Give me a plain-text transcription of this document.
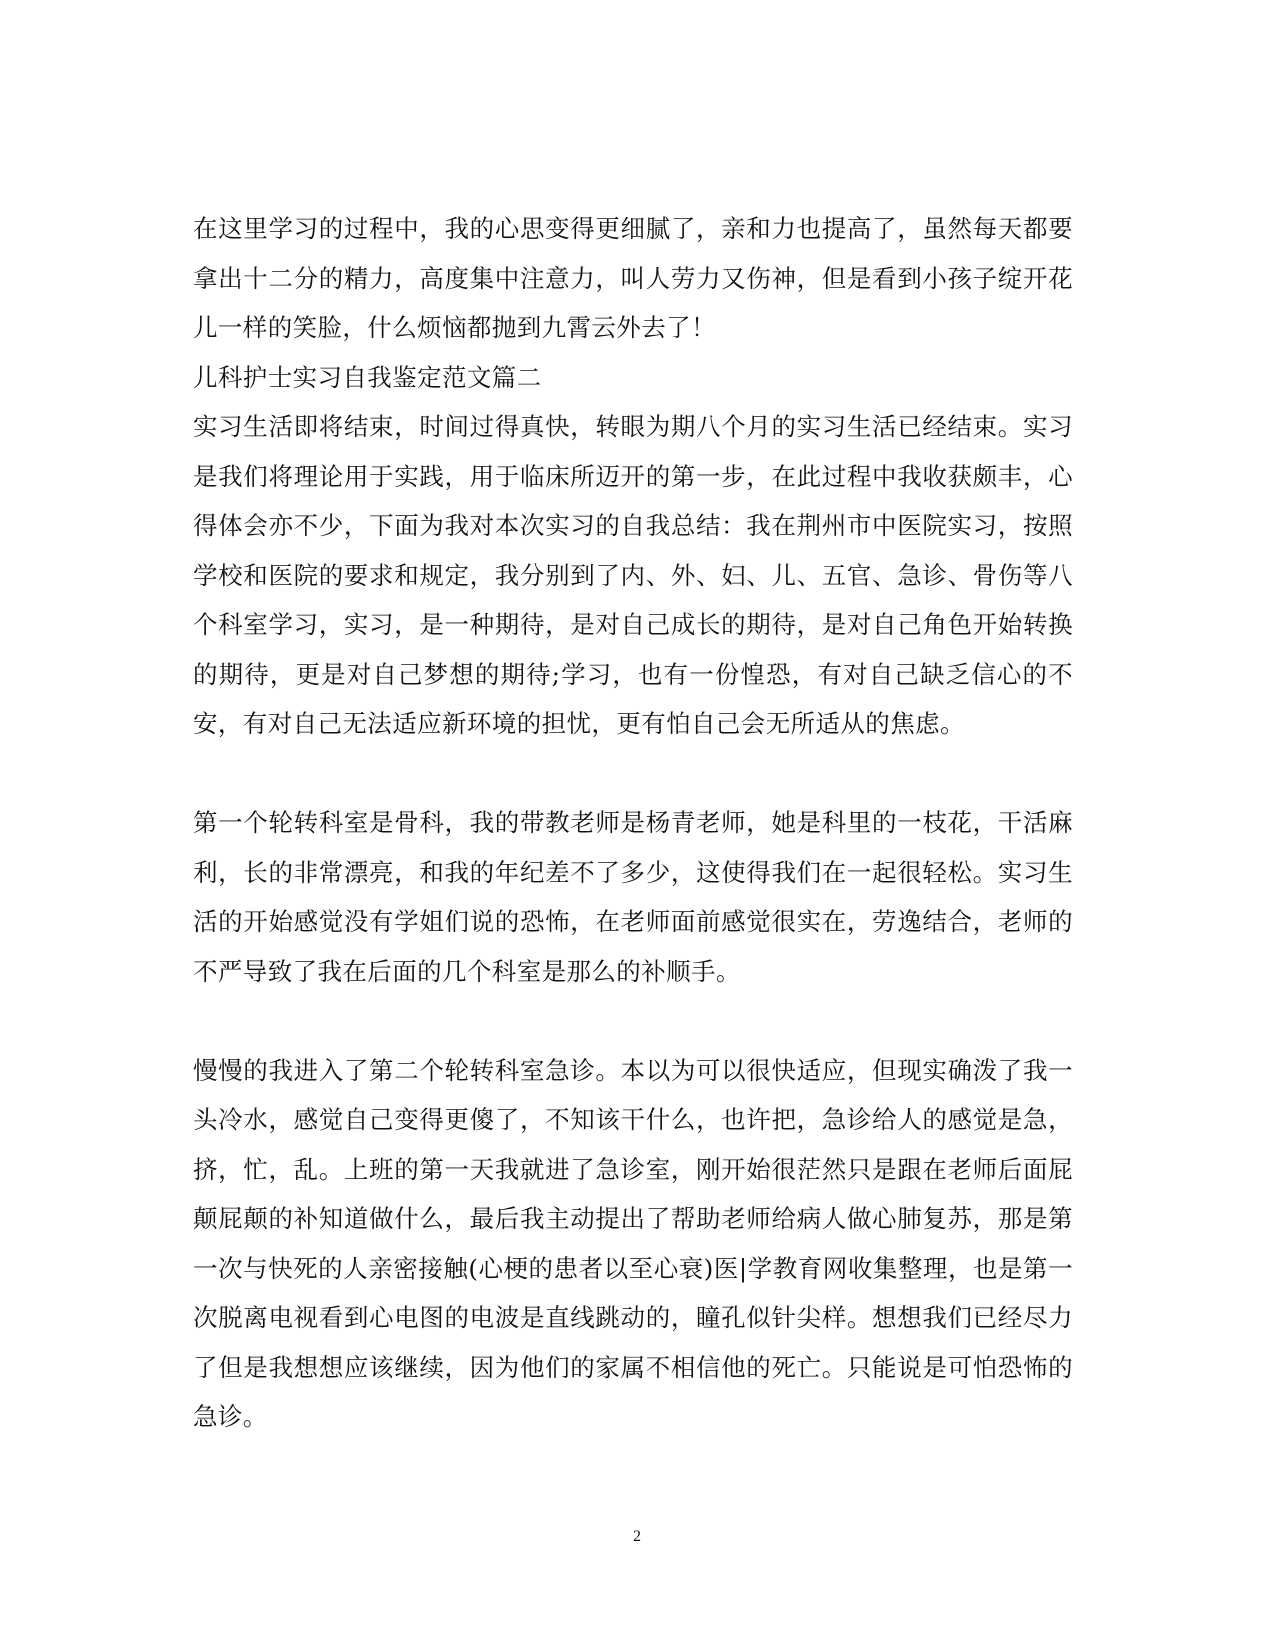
在这里学习的过程中，我的心思变得更细腻了，亲和力也提高了，虽然每天都要拿出十二分的精力，高度集中注意力，叫人劳力又伤神，但是看到小孩子绽开花儿一样的笑脸，什么烦恼都抛到九霄云外去了！

儿科护士实习自我鉴定范文篇二

实习生活即将结束，时间过得真快，转眼为期八个月的实习生活已经结束。实习是我们将理论用于实践，用于临床所迈开的第一步，在此过程中我收获颇丰，心得体会亦不少，下面为我对本次实习的自我总结：我在荆州市中医院实习，按照学校和医院的要求和规定，我分别到了内、外、妇、儿、五官、急诊、骨伤等八个科室学习，实习，是一种期待，是对自己成长的期待，是对自己角色开始转换的期待，更是对自己梦想的期待;学习，也有一份惶恐，有对自己缺乏信心的不安，有对自己无法适应新环境的担忧，更有怕自己会无所适从的焦虑。

第一个轮转科室是骨科，我的带教老师是杨青老师，她是科里的一枝花，干活麻利，长的非常漂亮，和我的年纪差不了多少，这使得我们在一起很轻松。实习生活的开始感觉没有学姐们说的恐怖，在老师面前感觉很实在，劳逸结合，老师的不严导致了我在后面的几个科室是那么的补顺手。

慢慢的我进入了第二个轮转科室急诊。本以为可以很快适应，但现实确泼了我一头冷水，感觉自己变得更傻了，不知该干什么，也许把，急诊给人的感觉是急，挤，忙，乱。上班的第一天我就进了急诊室，刚开始很茫然只是跟在老师后面屁颠屁颠的补知道做什么，最后我主动提出了帮助老师给病人做心肺复苏，那是第一次与快死的人亲密接触(心梗的患者以至心衰)医|学教育网收集整理，也是第一次脱离电视看到心电图的电波是直线跳动的，瞳孔似针尖样。想想我们已经尽力了但是我想想应该继续，因为他们的家属不相信他的死亡。只能说是可怕恐怖的急诊。

2
